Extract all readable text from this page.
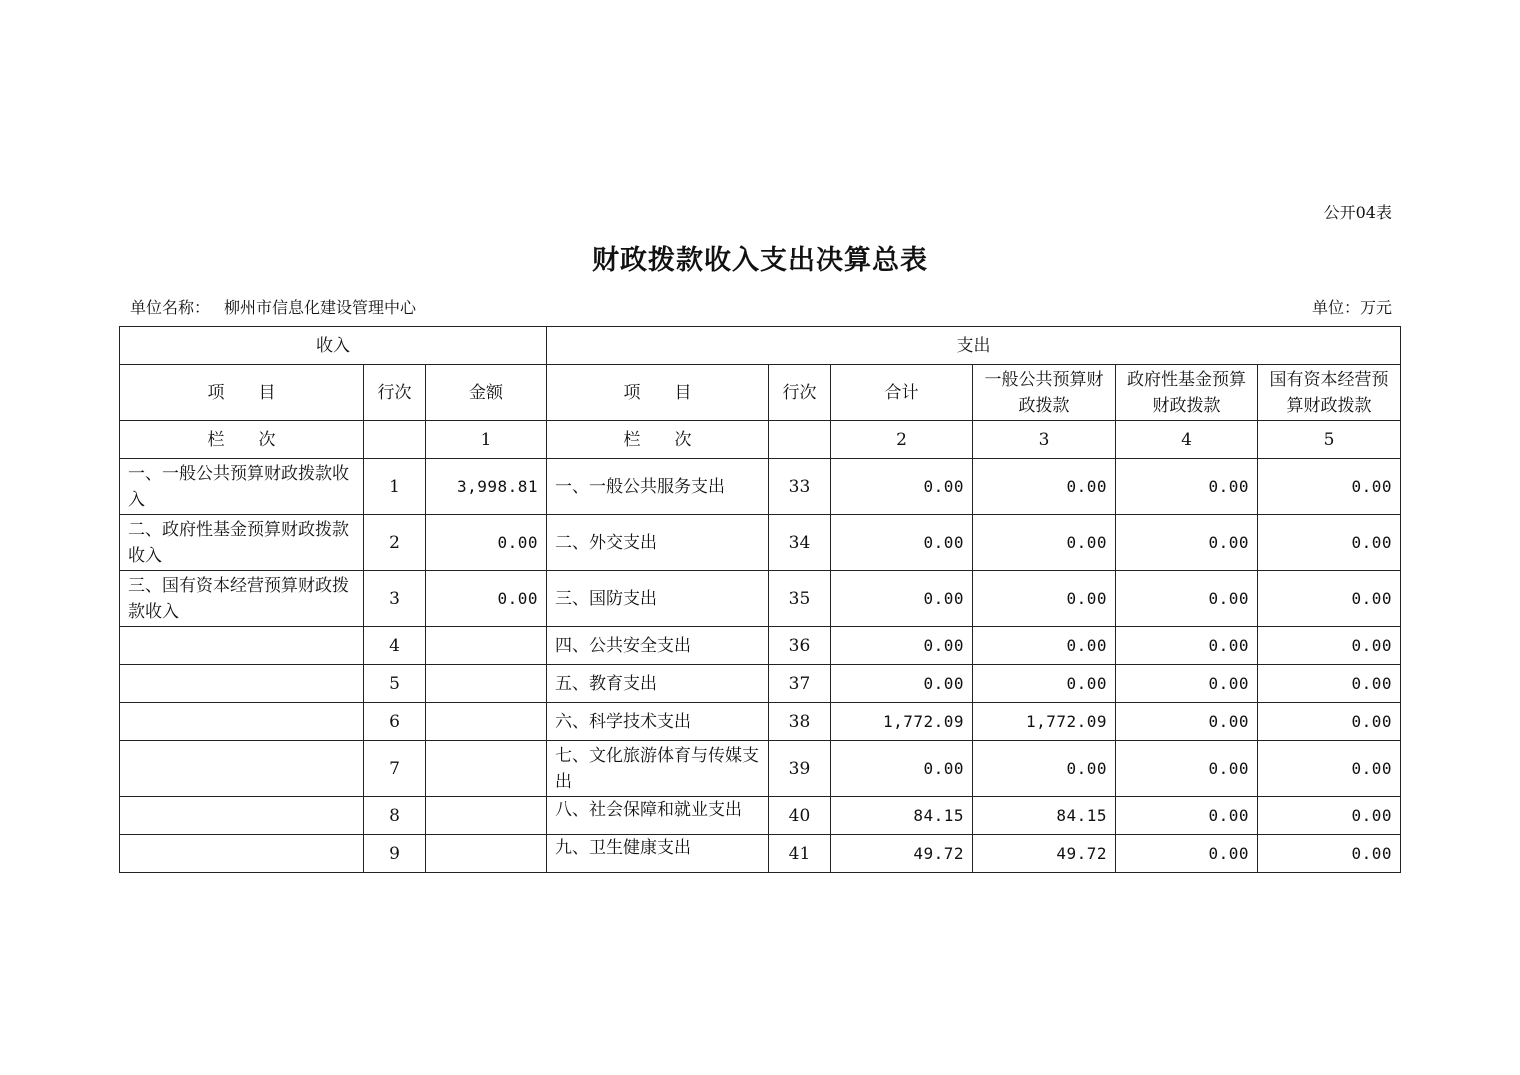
公开04表
财政拨款收入支出决算总表
单位名称： 柳州市信息化建设管理中心	单位：万元
收入			支出					
项　　目	行次	金额	项　　目	行次	合计	一般公共预算财政拨款	政府性基金预算财政拨款	国有资本经营预算财政拨款
栏　　次		1	栏　　次		2	3	4	5
一、一般公共预算财政拨款收入	1	3,998.81	一、一般公共服务支出	33	0.00	0.00	0.00	0.00
二、政府性基金预算财政拨款收入	2	0.00	二、外交支出	34	0.00	0.00	0.00	0.00
三、国有资本经营预算财政拨款收入	3	0.00	三、国防支出	35	0.00	0.00	0.00	0.00
	4		四、公共安全支出	36	0.00	0.00	0.00	0.00
	5		五、教育支出	37	0.00	0.00	0.00	0.00
	6		六、科学技术支出	38	1,772.09	1,772.09	0.00	0.00
	7		七、文化旅游体育与传媒支出	39	0.00	0.00	0.00	0.00
	8		八、社会保障和就业支出	40	84.15	84.15	0.00	0.00
	9		九、卫生健康支出	41	49.72	49.72	0.00	0.00
